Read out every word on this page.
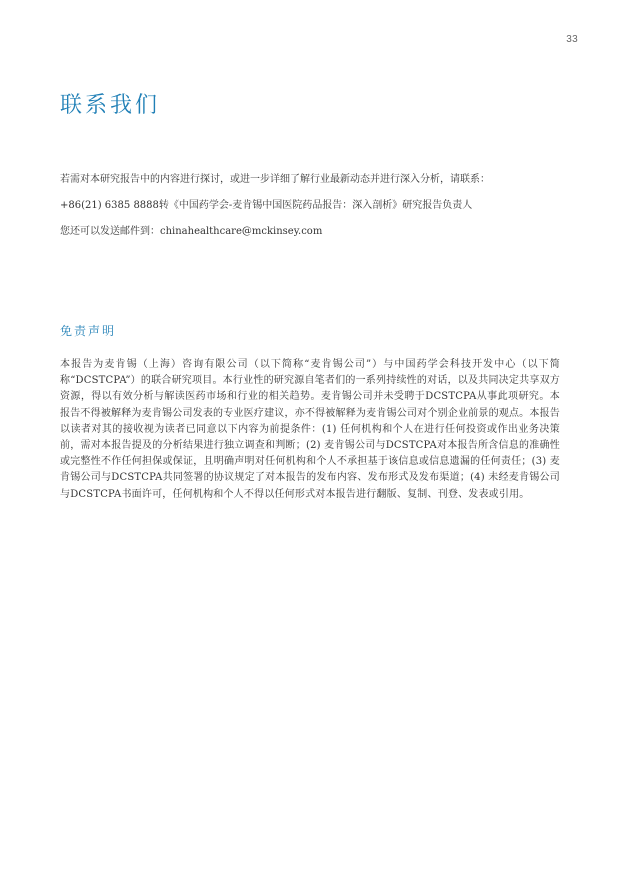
33
联系我们

若需对本研究报告中的内容进行探讨，或进一步详细了解行业最新动态并进行深入分析，请联系：

+86(21) 6385 8888转《中国药学会-麦肯锡中国医院药品报告：深入剖析》研究报告负责人

您还可以发送邮件到：chinahealthcare@mckinsey.com

免责声明

本报告为麦肯锡（上海）咨询有限公司（以下简称“麦肯锡公司”）与中国药学会科技开发中心（以下简称“DCSTCPA”）的联合研究项目。本行业性的研究源自笔者们的一系列持续性的对话，以及共同决定共享双方资源，得以有效分析与解读医药市场和行业的相关趋势。麦肯锡公司并未受聘于DCSTCPA从事此项研究。本报告不得被解释为麦肯锡公司发表的专业医疗建议，亦不得被解释为麦肯锡公司对个别企业前景的观点。本报告以读者对其的接收视为读者已同意以下内容为前提条件：(1) 任何机构和个人在进行任何投资或作出业务决策前，需对本报告提及的分析结果进行独立调查和判断；(2) 麦肯锡公司与DCSTCPA对本报告所含信息的准确性或完整性不作任何担保或保证，且明确声明对任何机构和个人不承担基于该信息或信息遗漏的任何责任；(3) 麦肯锡公司与DCSTCPA共同签署的协议规定了对本报告的发布内容、发布形式及发布渠道；(4) 未经麦肯锡公司与DCSTCPA书面许可，任何机构和个人不得以任何形式对本报告进行翻版、复制、刊登、发表或引用。
